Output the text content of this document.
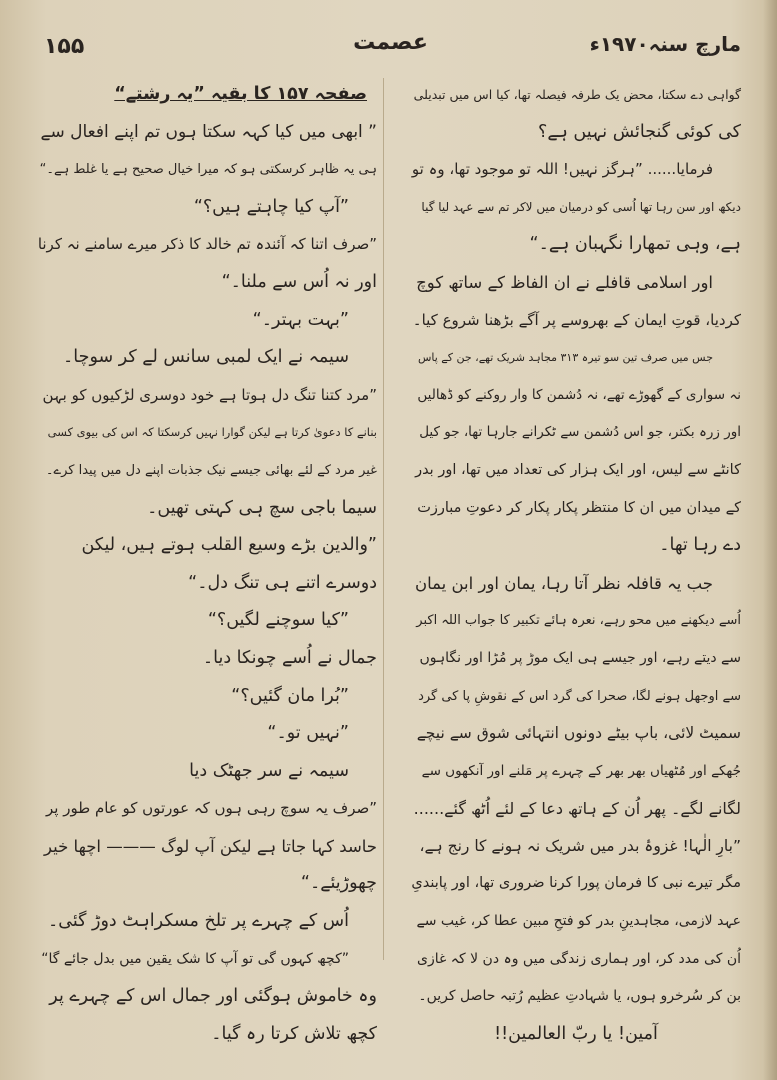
۱۵۵	عصمت	مارچ سنہ۱۹۷۰ء
گواہی دے سکتا، محض یک طرفہ فیصلہ تھا، کیا اس میں تبدیلی
کی کوئی گنجائش نہیں ہے؟
فرمایا...... ”ہرگز نہیں! اللہ تو موجود تھا، وہ تو
دیکھ اور سن رہا تھا اُسی کو درمیان میں لاکر تم سے عہد لیا گیا
ہے، وہی تمھارا نگہبان ہے۔“
اور اسلامی قافلے نے ان الفاظ کے ساتھ کوچ
کردیا، قوتِ ایمان کے بھروسے پر آگے بڑھنا شروع کیا۔
جس میں صرف تین سو تیرہ ۳۱۳ مجاہد شریک تھے، جن کے پاس
نہ سواری کے گھوڑے تھے، نہ دُشمن کا وار روکنے کو ڈھالیں
اور زرہ بکتر، جو اس دُشمن سے ٹکرانے جارہا تھا، جو کیل
کانٹے سے لیس، اور ایک ہزار کی تعداد میں تھا، اور بدر
کے میدان میں ان کا منتظر پکار پکار کر دعوتِ مبارزت
دے رہا تھا۔
جب یہ قافلہ نظر آتا رہا، یمان اور ابن یمان
اُسے دیکھنے میں محو رہے، نعرہ ہائے تکبیر کا جواب اللہ اکبر
سے دیتے رہے، اور جیسے ہی ایک موڑ پر مُڑا اور نگاہوں
سے اوجھل ہونے لگا، صحرا کی گرد اس کے نقوشِ پا کی گرد
سمیٹ لائی، باپ بیٹے دونوں انتہائی شوق سے نیچے
جُھکے اور مُٹھیاں بھر بھر کے چہرے پر مَلنے اور آنکھوں سے
لگانے لگے۔ پھر اُن کے ہاتھ دعا کے لئے اُٹھ گئے......
”بارِ الٰہا! غزوۂ بدر میں شریک نہ ہونے کا رنج ہے،
مگر تیرے نبی کا فرمان پورا کرنا ضروری تھا، اور پابندیِ
عہد لازمی، مجاہدینِ بدر کو فتحِ مبین عطا کر، غیب سے
اُن کی مدد کر، اور ہماری زندگی میں وہ دن لا کہ غازی
بن کر سُرخرو ہوں، یا شہادتِ عظیم رُتبہ حاصل کریں۔
آمین! یا ربّ العالمین!!
صفحہ ۱۵۷ کا بقیہ ”یہ رشتے“
” ابھی میں کیا کہہ سکتا ہوں تم اپنے افعال سے
ہی یہ ظاہر کرسکتی ہو کہ میرا خیال صحیح ہے یا غلط ہے۔“
”آپ کیا چاہتے ہیں؟“
”صرف اتنا کہ آئندہ تم خالد کا ذکر میرے سامنے نہ کرنا
اور نہ اُس سے ملنا۔“
”بہت بہتر۔“
سیمہ نے ایک لمبی سانس لے کر سوچا۔
”مرد کتنا تنگ دل ہوتا ہے خود دوسری لڑکیوں کو بہن
بنانے کا دعویٰ کرتا ہے لیکن گوارا نہیں کرسکتا کہ اس کی بیوی کسی
غیر مرد کے لئے بھائی جیسے نیک جذبات اپنے دل میں پیدا کرے۔
سیما باجی سچ ہی کہتی تھیں۔
”والدین بڑے وسیع القلب ہوتے ہیں، لیکن
دوسرے اتنے ہی تنگ دل۔“
”کیا سوچنے لگیں؟“
جمال نے اُسے چونکا دیا۔
”بُرا مان گئیں؟“
”نہیں تو۔“
سیمہ نے سر جھٹک دیا
”صرف یہ سوچ رہی ہوں کہ عورتوں کو عام طور پر
حاسد کہا جاتا ہے لیکن آپ لوگ ——— اچھا خیر
چھوڑیئے۔“
اُس کے چہرے پر تلخ مسکراہٹ دوڑ گئی۔
”کچھ کہوں گی تو آپ کا شک یقین میں بدل جائے گا“
وہ خاموش ہوگئی اور جمال اس کے چہرے پر
کچھ تلاش کرتا رہ گیا۔
